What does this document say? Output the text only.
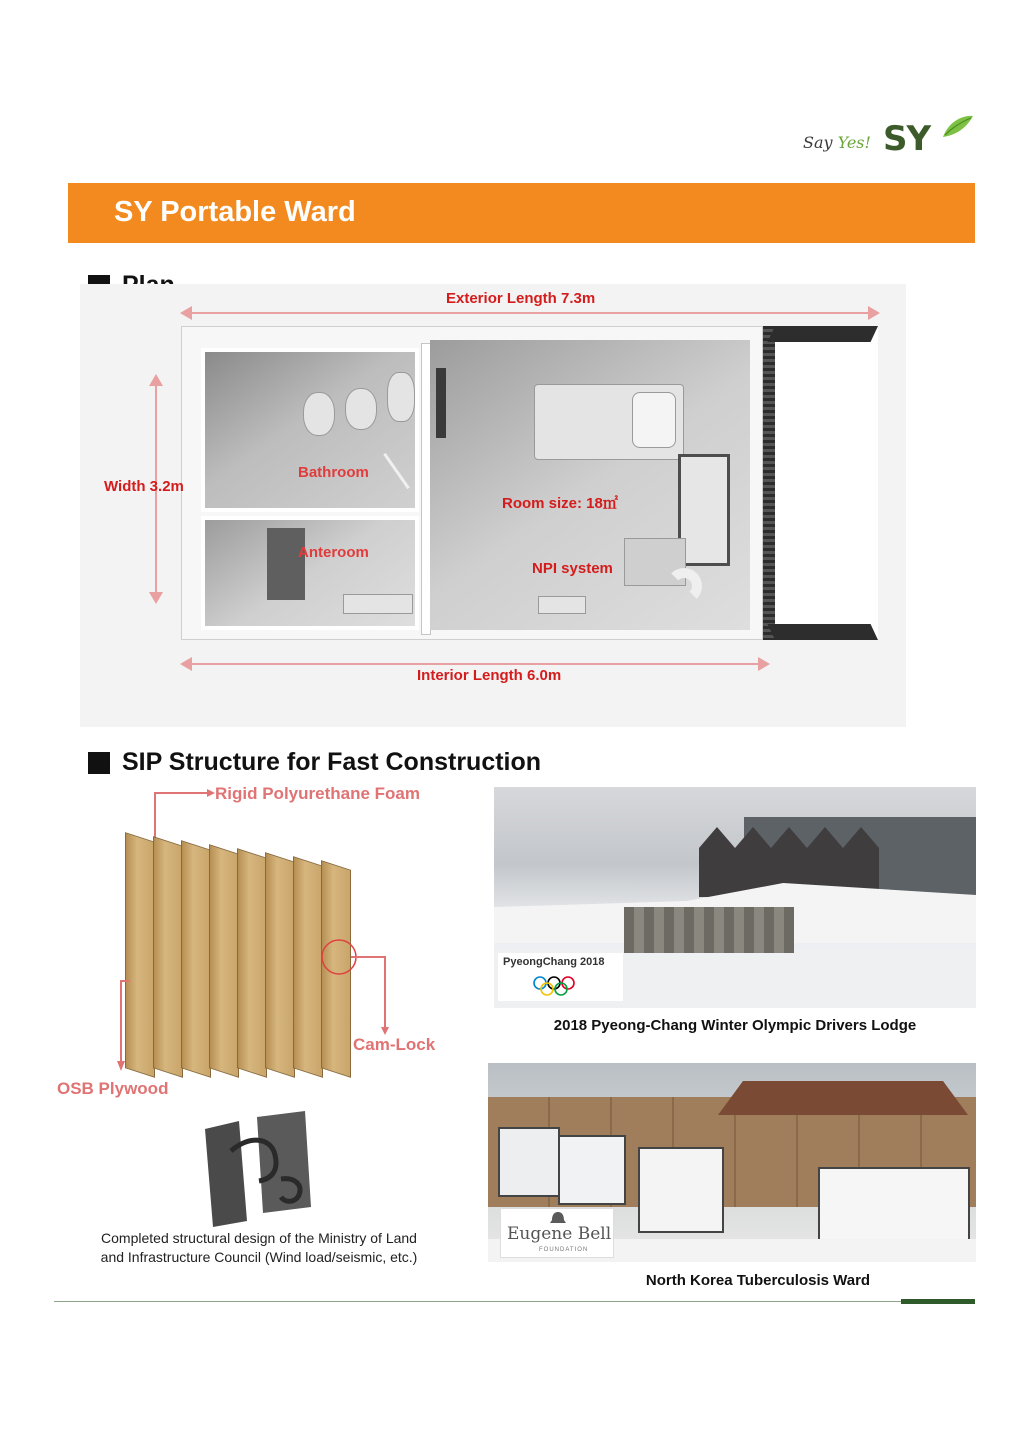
Say Yes! SY
SY Portable Ward
Exterior Length 7.3m
Width 3.2m
Bathroom
Anteroom
Room size: 18㎡
NPI system
Interior Length 6.0m
SIP Structure for Fast Construction
Rigid Polyurethane Foam
Cam-Lock
OSB Plywood
Completed structural design of the Ministry of Land and Infrastructure Council (Wind load/seismic, etc.)
PyeongChang 2018
2018 Pyeong-Chang Winter Olympic Drivers Lodge
Eugene Bell
FOUNDATION
North Korea Tuberculosis Ward
